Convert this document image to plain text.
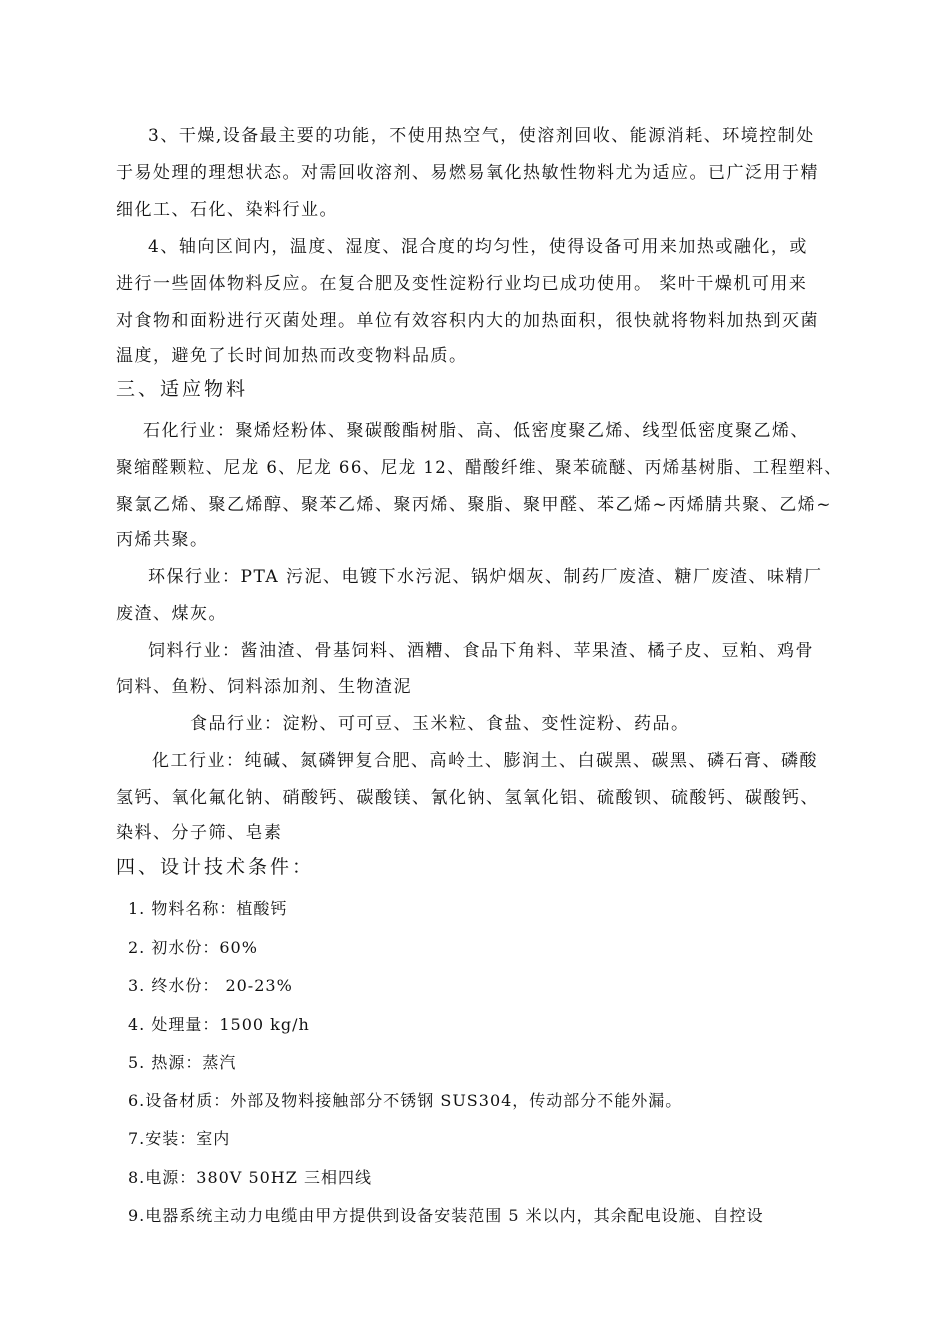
3、干燥,设备最主要的功能，不使用热空气，使溶剂回收、能源消耗、环境控制处
于易处理的理想状态。对需回收溶剂、易燃易氧化热敏性物料尤为适应。已广泛用于精
细化工、石化、染料行业。
4、轴向区间内，温度、湿度、混合度的均匀性，使得设备可用来加热或融化，或
进行一些固体物料反应。在复合肥及变性淀粉行业均已成功使用。 桨叶干燥机可用来
对食物和面粉进行灭菌处理。单位有效容积内大的加热面积，很快就将物料加热到灭菌
温度，避免了长时间加热而改变物料品质。
三、适应物料
石化行业：聚烯烃粉体、聚碳酸酯树脂、高、低密度聚乙烯、线型低密度聚乙烯、
聚缩醛颗粒、尼龙 6、尼龙 66、尼龙 12、醋酸纤维、聚苯硫醚、丙烯基树脂、工程塑料、
聚氯乙烯、聚乙烯醇、聚苯乙烯、聚丙烯、聚脂、聚甲醛、苯乙烯~丙烯腈共聚、乙烯~
丙烯共聚。
环保行业：PTA 污泥、电镀下水污泥、锅炉烟灰、制药厂废渣、糖厂废渣、味精厂
废渣、煤灰。
饲料行业：酱油渣、骨基饲料、酒糟、食品下角料、苹果渣、橘子皮、豆粕、鸡骨
饲料、鱼粉、饲料添加剂、生物渣泥
食品行业：淀粉、可可豆、玉米粒、食盐、变性淀粉、药品。
化工行业：纯碱、氮磷钾复合肥、高岭土、膨润土、白碳黑、碳黑、磷石膏、磷酸
氢钙、氧化氟化钠、硝酸钙、碳酸镁、氰化钠、氢氧化铝、硫酸钡、硫酸钙、碳酸钙、
染料、分子筛、皂素
四、设计技术条件：
1. 物料名称：植酸钙
2. 初水份：60%
3. 终水份： 20-23%
4. 处理量：1500 kg/h
5. 热源：蒸汽
6.设备材质：外部及物料接触部分不锈钢 SUS304，传动部分不能外漏。
7.安装：室内
8.电源：380V 50HZ 三相四线
9.电器系统主动力电缆由甲方提供到设备安装范围 5 米以内，其余配电设施、自控设
